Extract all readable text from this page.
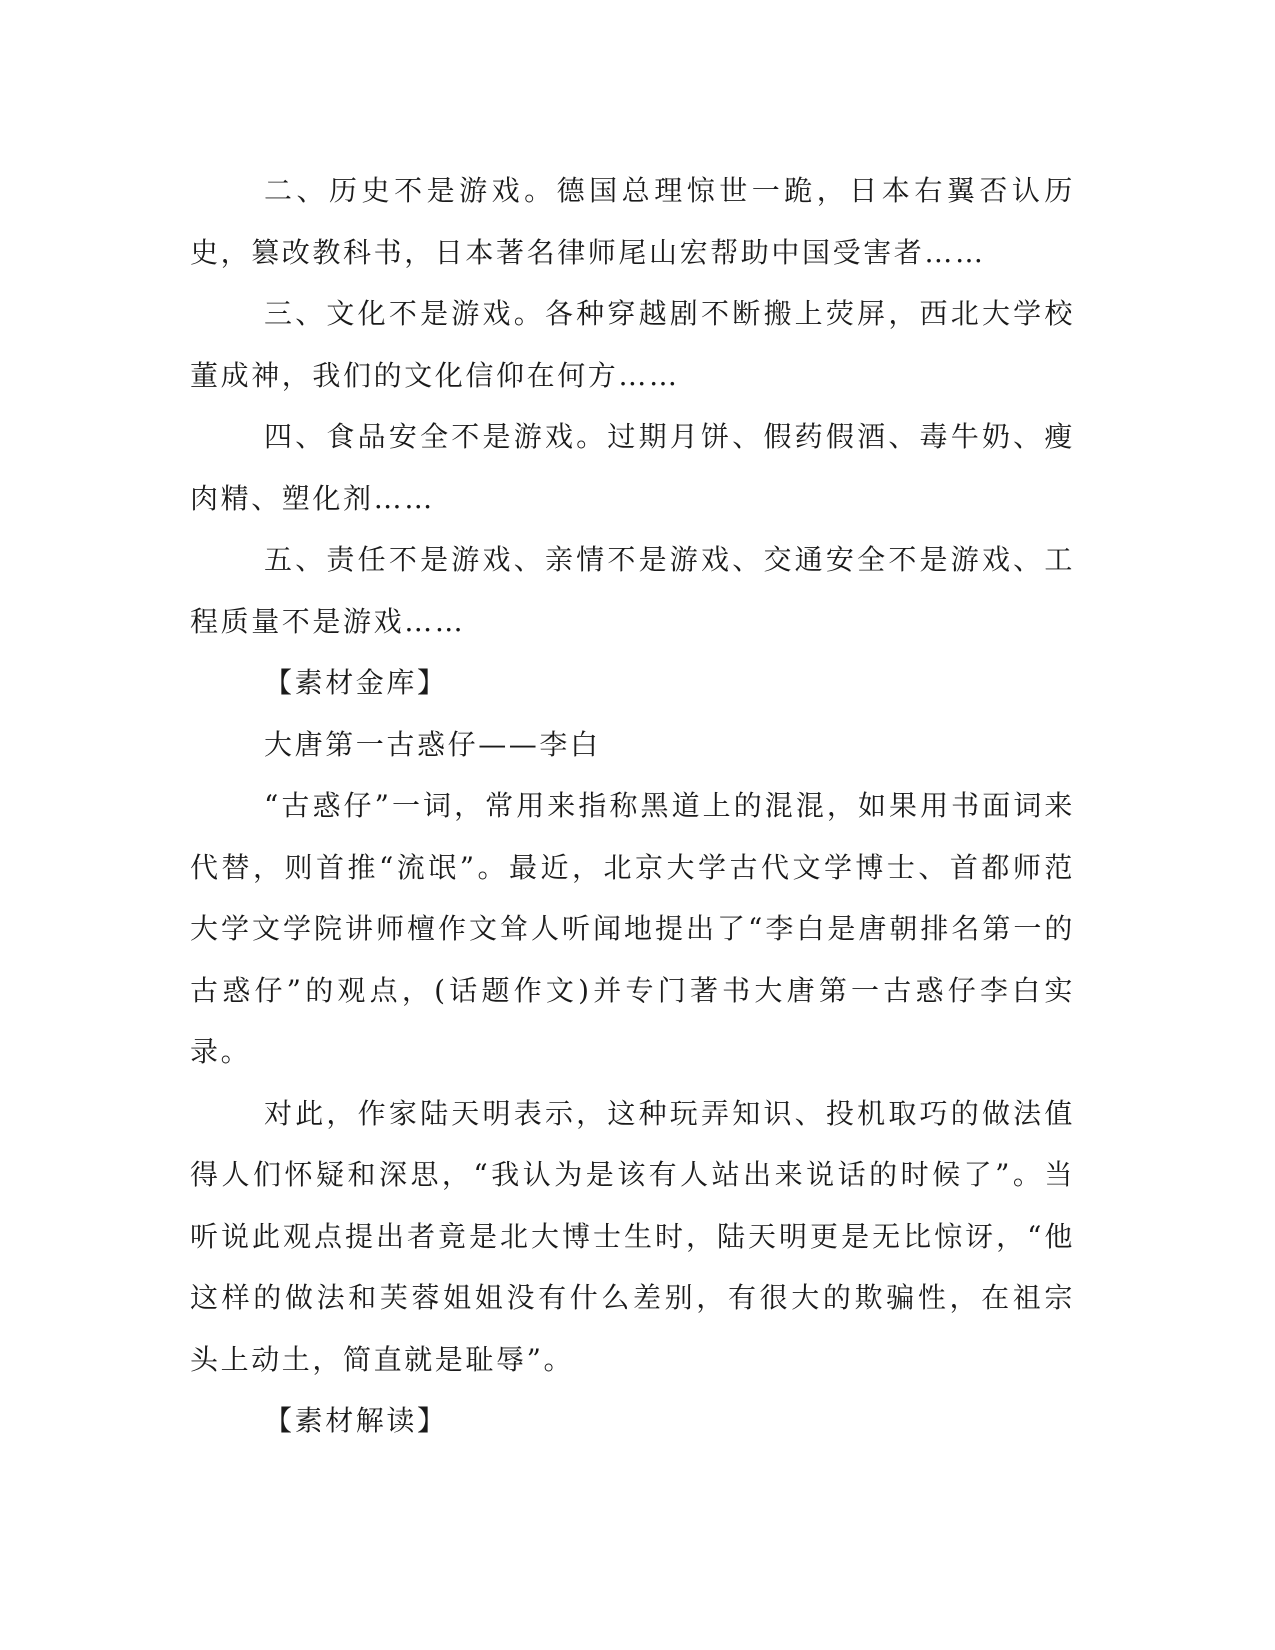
二、历史不是游戏。德国总理惊世一跪，日本右翼否认历史，篡改教科书，日本著名律师尾山宏帮助中国受害者……

三、文化不是游戏。各种穿越剧不断搬上荧屏，西北大学校董成神，我们的文化信仰在何方……

四、食品安全不是游戏。过期月饼、假药假酒、毒牛奶、瘦肉精、塑化剂……

五、责任不是游戏、亲情不是游戏、交通安全不是游戏、工程质量不是游戏……

【素材金库】

大唐第一古惑仔——李白

“古惑仔”一词，常用来指称黑道上的混混，如果用书面词来代替，则首推“流氓”。最近，北京大学古代文学博士、首都师范大学文学院讲师檀作文耸人听闻地提出了“李白是唐朝排名第一的古惑仔”的观点，(话题作文)并专门著书大唐第一古惑仔李白实录。

对此，作家陆天明表示，这种玩弄知识、投机取巧的做法值得人们怀疑和深思，“我认为是该有人站出来说话的时候了”。当听说此观点提出者竟是北大博士生时，陆天明更是无比惊讶，“他这样的做法和芙蓉姐姐没有什么差别，有很大的欺骗性，在祖宗头上动土，简直就是耻辱”。

【素材解读】
